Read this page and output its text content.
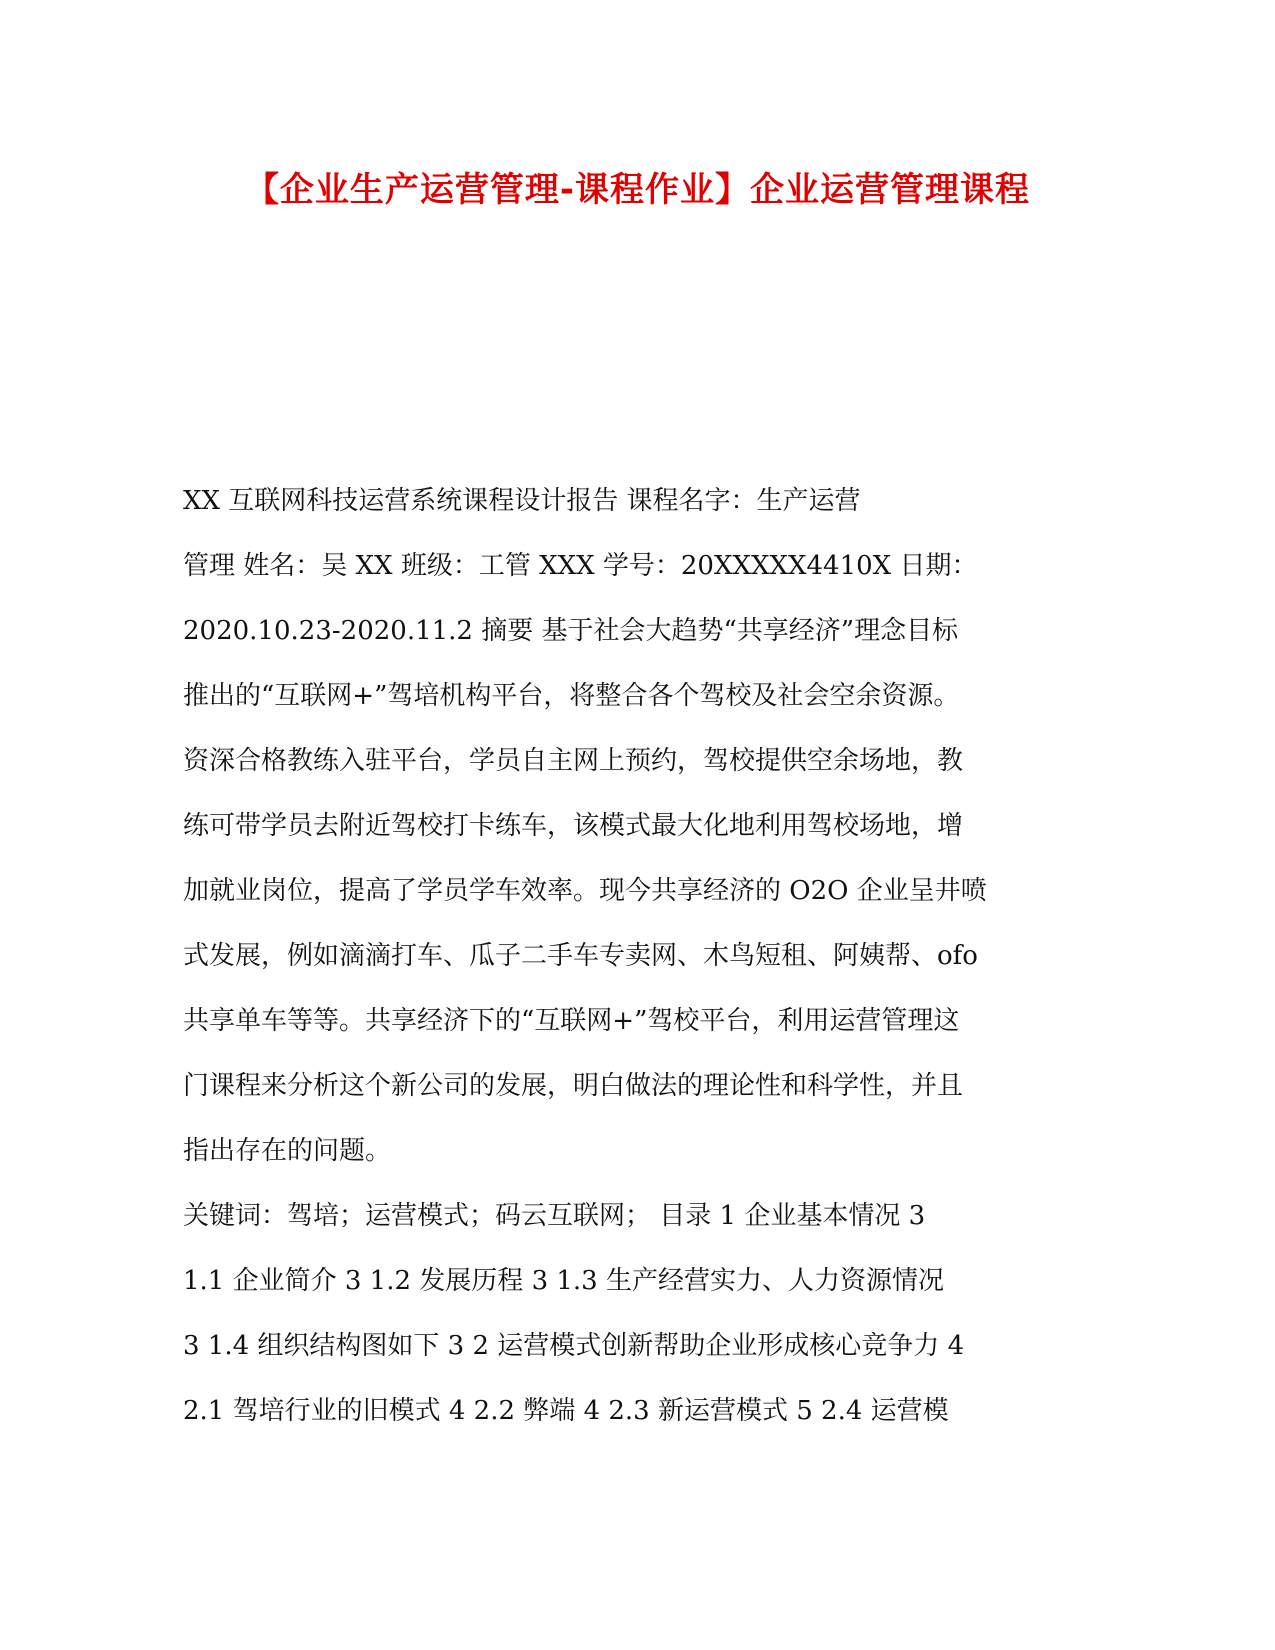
【企业生产运营管理-课程作业】企业运营管理课程

XX 互联网科技运营系统课程设计报告 课程名字：生产运营

管理 姓名：吴 XX 班级：工管 XXX 学号：20XXXXX4410X 日期：

2020.10.23-2020.11.2 摘要 基于社会大趋势“共享经济”理念目标

推出的“互联网+”驾培机构平台，将整合各个驾校及社会空余资源。

资深合格教练入驻平台，学员自主网上预约，驾校提供空余场地，教

练可带学员去附近驾校打卡练车，该模式最大化地利用驾校场地，增

加就业岗位，提高了学员学车效率。现今共享经济的 O2O 企业呈井喷

式发展，例如滴滴打车、瓜子二手车专卖网、木鸟短租、阿姨帮、ofo

共享单车等等。共享经济下的“互联网+”驾校平台，利用运营管理这

门课程来分析这个新公司的发展，明白做法的理论性和科学性，并且

指出存在的问题。

关键词：驾培；运营模式；码云互联网； 目录 1 企业基本情况 3

1.1 企业简介 3 1.2 发展历程 3 1.3 生产经营实力、人力资源情况

3 1.4 组织结构图如下 3 2 运营模式创新帮助企业形成核心竞争力 4

2.1 驾培行业的旧模式 4 2.2 弊端 4 2.3 新运营模式 5 2.4 运营模
